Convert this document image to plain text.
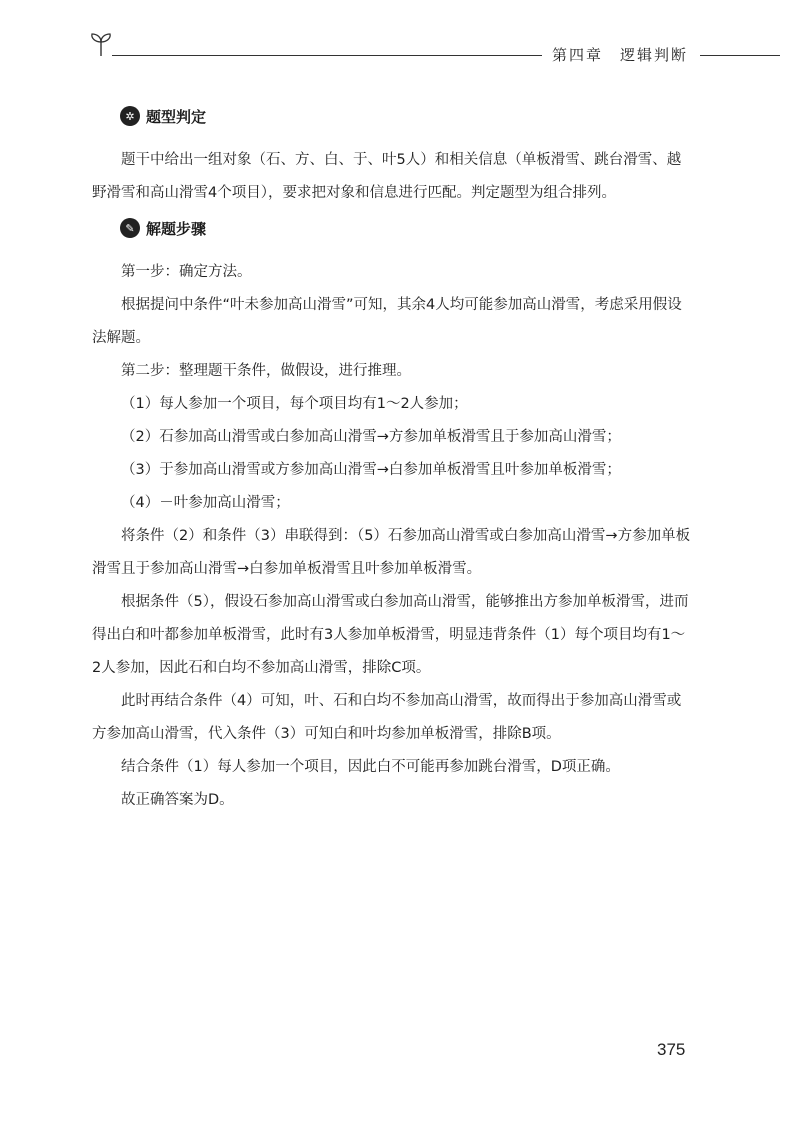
第四章　逻辑判断
✲ 题型判定

题干中给出一组对象（石、方、白、于、叶5人）和相关信息（单板滑雪、跳台滑雪、越野滑雪和高山滑雪4个项目），要求把对象和信息进行匹配。判定题型为组合排列。

✎ 解题步骤

第一步：确定方法。

根据提问中条件“叶未参加高山滑雪”可知，其余4人均可能参加高山滑雪，考虑采用假设法解题。

第二步：整理题干条件，做假设，进行推理。

（1）每人参加一个项目，每个项目均有1～2人参加；

（2）石参加高山滑雪或白参加高山滑雪→方参加单板滑雪且于参加高山滑雪；

（3）于参加高山滑雪或方参加高山滑雪→白参加单板滑雪且叶参加单板滑雪；

（4）－叶参加高山滑雪；

将条件（2）和条件（3）串联得到：（5）石参加高山滑雪或白参加高山滑雪→方参加单板滑雪且于参加高山滑雪→白参加单板滑雪且叶参加单板滑雪。

根据条件（5），假设石参加高山滑雪或白参加高山滑雪，能够推出方参加单板滑雪，进而得出白和叶都参加单板滑雪，此时有3人参加单板滑雪，明显违背条件（1）每个项目均有1～2人参加，因此石和白均不参加高山滑雪，排除C项。

此时再结合条件（4）可知，叶、石和白均不参加高山滑雪，故而得出于参加高山滑雪或方参加高山滑雪，代入条件（3）可知白和叶均参加单板滑雪，排除B项。

结合条件（1）每人参加一个项目，因此白不可能再参加跳台滑雪，D项正确。

故正确答案为D。

375
